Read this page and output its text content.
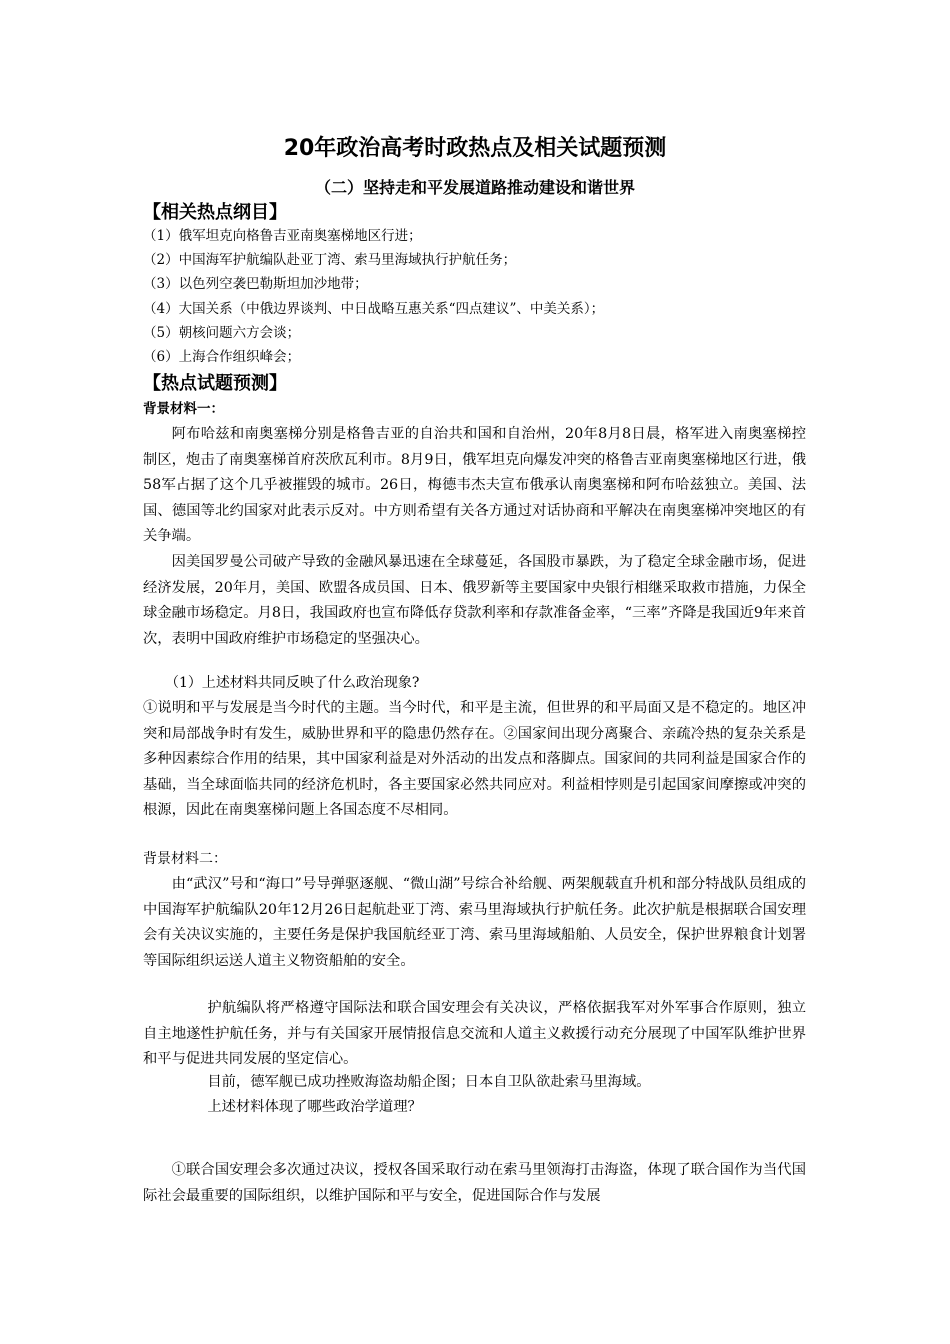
20年政治高考时政热点及相关试题预测
（二）坚持走和平发展道路推动建设和谐世界
【相关热点纲目】
（1）俄军坦克向格鲁吉亚南奥塞梯地区行进；
（2）中国海军护航编队赴亚丁湾、索马里海域执行护航任务；
（3）以色列空袭巴勒斯坦加沙地带；
（4）大国关系（中俄边界谈判、中日战略互惠关系“四点建议”、中美关系）；
（5）朝核问题六方会谈；
（6）上海合作组织峰会；
【热点试题预测】
背景材料一：
阿布哈兹和南奥塞梯分别是格鲁吉亚的自治共和国和自治州，20年8月8日晨，格军进入南奥塞梯控制区，炮击了南奥塞梯首府茨欣瓦利市。8月9日，俄军坦克向爆发冲突的格鲁吉亚南奥塞梯地区行进，俄58军占据了这个几乎被摧毁的城市。26日，梅德韦杰夫宣布俄承认南奥塞梯和阿布哈兹独立。美国、法国、德国等北约国家对此表示反对。中方则希望有关各方通过对话协商和平解决在南奥塞梯冲突地区的有关争端。
因美国罗曼公司破产导致的金融风暴迅速在全球蔓延，各国股市暴跌，为了稳定全球金融市场，促进经济发展，20年月，美国、欧盟各成员国、日本、俄罗新等主要国家中央银行相继采取救市措施，力保全球金融市场稳定。月8日，我国政府也宣布降低存贷款利率和存款准备金率，“三率”齐降是我国近9年来首次，表明中国政府维护市场稳定的坚强决心。
（1）上述材料共同反映了什么政治现象?
①说明和平与发展是当今时代的主题。当今时代，和平是主流，但世界的和平局面又是不稳定的。地区冲突和局部战争时有发生，威胁世界和平的隐患仍然存在。②国家间出现分离聚合、亲疏冷热的复杂关系是多种因素综合作用的结果，其中国家利益是对外活动的出发点和落脚点。国家间的共同利益是国家合作的基础，当全球面临共同的经济危机时，各主要国家必然共同应对。利益相悖则是引起国家间摩擦或冲突的根源，因此在南奥塞梯问题上各国态度不尽相同。
背景材料二：
由“武汉”号和“海口”号导弹驱逐舰、“微山湖”号综合补给舰、两架舰载直升机和部分特战队员组成的中国海军护航编队20年12月26日起航赴亚丁湾、索马里海域执行护航任务。此次护航是根据联合国安理会有关决议实施的，主要任务是保护我国航经亚丁湾、索马里海域船舶、人员安全，保护世界粮食计划署等国际组织运送人道主义物资船舶的安全。
护航编队将严格遵守国际法和联合国安理会有关决议，严格依据我军对外军事合作原则，独立自主地遂性护航任务，并与有关国家开展情报信息交流和人道主义救援行动充分展现了中国军队维护世界和平与促进共同发展的坚定信心。
目前，德军舰已成功挫败海盗劫船企图；日本自卫队欲赴索马里海域。
上述材料体现了哪些政治学道理？
①联合国安理会多次通过决议，授权各国采取行动在索马里领海打击海盗，体现了联合国作为当代国际社会最重要的国际组织，以维护国际和平与安全，促进国际合作与发展
